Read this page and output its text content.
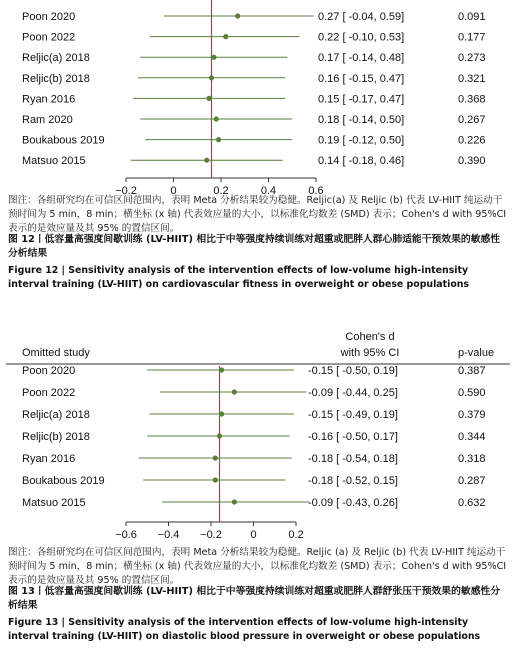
Poon 2020	0.27 [ -0.04, 0.59]	0.091
Poon 2022	0.22 [ -0.10, 0.53]	0.177
Reljic(a) 2018	0.17 [ -0.14, 0.48]	0.273
Reljic(b) 2018	0.16 [ -0.15, 0.47]	0.321
Ryan 2016	0.15 [ -0.17, 0.47]	0.368
Ram 2020	0.18 [ -0.14, 0.50]	0.267
Boukabous 2019	0.19 [ -0.12, 0.50]	0.226
Matsuo 2015	0.14 [ -0.18, 0.46]	0.390
−0.2	0	0.2	0.4	0.6
图注：各组研究均在可信区间范围内，表明 Meta 分析结果较为稳健。Reljic(a) 及 Reljic (b) 代表 LV-HIIT 纯运动干预时间为 5 min，8 min；横坐标 (x 轴) 代表效应量的大小，以标准化均数差 (SMD) 表示；Cohen's d with 95%CI 表示的是效应量及其 95% 的置信区间。
图 12丨低容量高强度间歇训练 (LV-HIIT) 相比于中等强度持续训练对超重或肥胖人群心肺适能干预效果的敏感性分析结果
Figure 12 | Sensitivity analysis of the intervention effects of low-volume high-intensity interval training (LV-HIIT) on cardiovascular fitness in overweight or obese populations
Omitted study
Cohen's d
with 95% CI	p-value
Poon 2020	-0.15 [ -0.50, 0.19]	0.387
Poon 2022	-0.09 [ -0.44, 0.25]	0.590
Reljic(a) 2018	-0.15 [ -0.49, 0.19]	0.379
Reljic(b) 2018	-0.16 [ -0.50, 0.17]	0.344
Ryan 2016	-0.18 [ -0.54, 0.18]	0.318
Boukabous 2019	-0.18 [ -0.52, 0.15]	0.287
Matsuo 2015	-0.09 [ -0.43, 0.26]	0.632
−0.6 −0.4 −0.2	0	0.2
图注：各组研究均在可信区间范围内，表明 Meta 分析结果较为稳健。Reljic (a) 及 Reljic (b) 代表 LV-HIIT 纯运动干预时间为 5 min，8 min；横坐标 (x 轴) 代表效应量的大小，以标准化均数差 (SMD) 表示；Cohen's d with 95%CI 表示的是效应量及其 95% 的置信区间。
图 13丨低容量高强度间歇训练 (LV-HIIT) 相比于中等强度持续训练对超重或肥胖人群舒张压干预效果的敏感性分析结果
Figure 13 | Sensitivity analysis of the intervention effects of low-volume high-intensity interval training (LV-HIIT) on diastolic blood pressure in overweight or obese populations
